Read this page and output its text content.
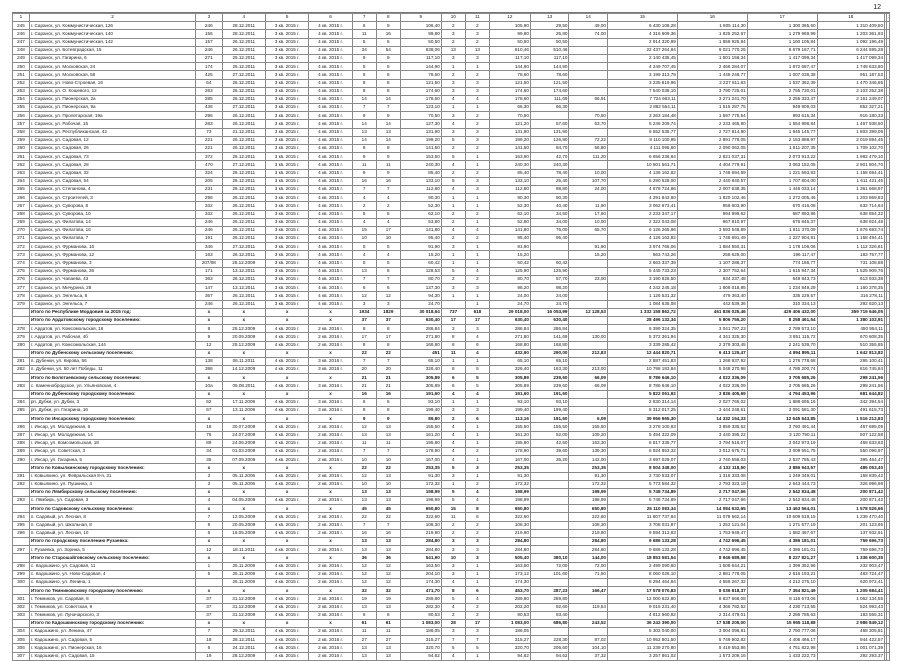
12
1	2	3	4	5	6	7	8	9	10	11	12	13	14	15	16	17	18		
245	г. Саранск, ул. Коммунистическая, 126	246	28.12.2011	3 кв. 2015 г.	4 кв. 2015 г.	6	9	106,40	2	2	105,90	29,50	49,00	6 430 108,28	1 805 114,30	1 300 365,60	1 310 409,50		
246	г. Саранск, ул. Коммунистическая, 140	156	28.12.2011	3 кв. 2015 г.	4 кв. 2015 г.	11	16	99,80	3	3	99,80	25,80	74,00	4 316 609,36	1 825 252,67	1 279 969,99	1 203 361,93		
247	г. Саранск, ул. Коммунистическая, 142	157	26.12.2011	3 кв. 2015 г.	4 кв. 2015 г.	5	6	50,50	2	2	50,50	50,50		2 914 320,99	1 858 925,84	1 160 105,84	1 092 196,49		
248	г. Саранск, ул. Ботевградская, 15	246	26.12.2011	3 кв. 2015 г.	4 кв. 2015 г.	34	54	638,06	13	13	510,46	510,46		22 437 264,84	9 021 770,25	6 679 167,71	6 244 595,28		
249	г. Саранск, ул. Гагарина, 6	271	25.12.2011	3 кв. 2015 г.	4 кв. 2015 г.	9	9	117,10	3	3	117,10	117,10		2 140 435,45	1 501 156,34	1 417 099,34	1 417 099,34		
250	г. Саранск, ул. Московская, 24	174	25.12.2011	3 кв. 2015 г.	4 кв. 2015 г.	5	5	144,90	1	1	144,90	144,90		4 249 707,45	2 466 284,07	1 872 687,47	1 748 633,80		
251	г. Саранск, ул. Московская, 58	425	27.12.2011	3 кв. 2015 г.	4 кв. 2015 г.	6	6	78,60	2	2	78,60	78,60		3 199 313,79	1 448 248,77	1 007 038,38	951 187,53		
252	г. Саранск, ул. Ново-Строевая, 16	64	26.12.2011	3 кв. 2015 г.	4 кв. 2015 г.	8	8	121,50	3	3	121,50	121,50		3 235 819,96	2 227 811,83	1 537 362,39	1 470 346,65		
253	г. Саранск, ул. О. Кошевого, 12	263	26.12.2011	3 кв. 2015 г.	4 кв. 2015 г.	8	8	174,60	3	3	174,60	174,60		7 540 038,10	3 790 725,01	2 755 730,01	2 103 252,38		
254	г. Саранск, ул. Пионерская, 2а	285	26.12.2011	3 кв. 2015 г.	4 кв. 2015 г.	14	14	178,60	4	4	178,60	111,69	66,91	7 724 663,11	3 271 241,70	2 255 333,47	2 161 249,07		
255	г. Саранск, ул. Пионерская, 9а	436	27.12.2011	3 кв. 2015 г.	4 кв. 2015 г.	7	7	123,10	1	1	66,30	66,30		2 862 554,11	1 515 287,75	949 909,03	852 327,21		
256	г. Саранск, ул. Пролетарская, 19а	296	26.12.2011	3 кв. 2015 г.	4 кв. 2015 г.	9	9	70,50	3	2	70,50		70,50	3 263 184,48	1 597 775,54	993 615,34	916 180,33		
257	г. Саранск, ул. Рабочая, 15	263	26.12.2011	3 кв. 2015 г.	4 кв. 2015 г.	14	14	127,30	4	2	121,20	57,60	63,70	5 246 209,74	2 233 465,80	1 554 998,84	1 467 938,50		
258	г. Саранск, ул. Республиканская, 42	73	21.12.2011	3 кв. 2015 г.	4 кв. 2015 г.	13	13	131,90	3	3	131,90	131,90		6 552 535,77	2 727 814,90	1 945 145,77	1 803 399,09		
259	г. Саранск, ул. Садовая, 12	221	26.12.2011	3 кв. 2015 г.	4 кв. 2015 г.	14	14	199,20	5	3	199,20	126,80	72,22	8 110 100,95	2 891 778,05	2 153 888,97	2 019 894,45		
260	г. Саранск, ул. Садовая, 26	221	26.12.2011	3 кв. 2015 г.	4 кв. 2015 г.	8	8	141,50	2	2	141,50	84,70	56,80	4 111 095,60	2 090 062,05	1 811 207,35	1 709 102,70		
261	г. Саранск, ул. Садовая, 73	372	26.12.2011	3 кв. 2015 г.	4 кв. 2015 г.	9	9	153,50	5	1	153,90	42,70	111,20	6 656 236,64	2 821 037,31	2 073 913,22	1 982 479,10		
262	г. Саранск, ул. Садовая, 28	470	27.12.2011	3 кв. 2015 г.	4 кв. 2015 г.	11	11	240,30	4	1	240,30	240,30		10 501 561,71	4 404 779,91	3 063 152,05	2 901 804,70		
263	г. Саранск, ул. Садовая, 32	324	26.12.2011	3 кв. 2015 г.	4 кв. 2015 г.	9	9	85,40	2	2	85,40	78,40	10,00	4 136 162,82	1 748 694,59	1 221 593,83	1 158 694,41		
264	г. Саранск, ул. Садовая, 54	205	26.12.2011	3 кв. 2015 г.	4 кв. 2015 г.	16	16	133,10	5	3	133,10	25,40	107,70	5 290 528,00	2 440 840,57	1 707 804,00	1 611 421,45		
265	г. Саранск, ул. Степанова, 4	231	26.12.2011	3 кв. 2015 г.	4 кв. 2015 г.	7	7	112,80	4	3	112,80	88,80	24,00	4 878 724,86	2 007 638,35	1 446 033,14	1 361 668,97		
266	г. Саранск, ул. Строителей, 3	296	26.12.2011	3 кв. 2015 г.	4 кв. 2015 г.	4	4	90,30	1	1	90,30	90,30		4 291 843,60	1 820 102,46	1 272 005,46	1 203 869,83		
267	г. Саранск, ул. Суворова, 8	332	26.12.2011	3 кв. 2015 г.	4 кв. 2015 г.	2	2	52,30	1	1	52,30	40,40	11,90	3 062 673,41	958 603,90	670 416,08	632 714,64		
268	г. Саранск, ул. Суворова, 10	332	26.12.2011	3 кв. 2015 г.	4 кв. 2015 г.	5	5	62,10	2	2	62,10	34,50	17,60	2 233 347,17	994 999,62	687 893,86	638 854,32		
269	г. Саранск, ул. Филатова, 14	246	26.12.2011	3 кв. 2015 г.	4 кв. 2015 г.	4	4	53,80	2	1	52,80	34,00	10,00	2 322 043,08	967 810,97	676 846,37	638 924,48		
270	г. Саранск, ул. Филатова, 16	246	26.12.2011	3 кв. 2015 г.	4 кв. 2015 г.	15	17	141,80	4	4	141,80	76,00	65,70	6 126 265,96	3 593 546,89	1 811 370,09	1 676 693,74		
271	г. Саранск, ул. Филатова, 7	191	26.12.2011	3 кв. 2015 г.	4 кв. 2015 г.	10	10	95,40	2	2	95,40	95,40		4 126 163,82	1 748 691,49	1 227 904,81	1 158 494,41		
272	г. Саранск, ул. Фурманова, 16	346	27.12.2011	3 кв. 2015 г.	4 кв. 2015 г.	5	5	91,90	3	1	91,90		91,90	3 974 766,06	1 684 550,31	1 178 106,06	1 112 326,81		
273	г. Саранск, ул. Фурманова, 12	163	26.12.2011	3 кв. 2015 г.	4 кв. 2015 г.	4	4	15,20	1	1	15,20		15,20	663 743,26	258 625,00	196 117,47	183 757,77		
274	г. Саранск, ул. Фурманова, 3	207/08	28.12.2009	3 кв. 2015 г.	4 кв. 2015 г.	5	5	60,42	1	1	60,42	60,42		2 663 337,39	1 107 286,37	774 186,77	731 108,88		
275	г. Саранск, ул. Фурманова, 26	171	13.12.2011	3 кв. 2015 г.	4 кв. 2015 г.	13	8	128,53	5	4	125,90	125,90		5 445 733,23	2 307 752,64	1 615 947,34	1 525 909,76		
276	г. Саранск, ул. Чапаева, 43	363	26.12.2011	3 кв. 2015 г.	4 кв. 2015 г.	7	7	80,70	2	2	80,70	57,70	23,00	3 190 826,50	934 237,48	649 843,73	613 933,38		
277	г. Саранск, ул. Мичурина, 28	147	13.12.2011	3 кв. 2015 г.	4 кв. 2015 г.	6	6	137,30	3	3	98,20	98,20		4 242 245,18	1 808 018,95	1 234 849,29	1 160 378,35		
278	г. Саранск, ул. Энгельса, 8	367	26.12.2011	3 кв. 2015 г.	4 кв. 2015 г.	12	12	94,30	1	1	24,00	24,00		1 126 531,32	479 363,40	335 229,57	316 278,11		
279	г. Саранск, ул. Энгельса, 7	246	26.12.2011	3 кв. 2015 г.	4 кв. 2015 г.	3	3	24,70		1	24,70	24,70		1 084 635,08	442 539,36	310 334,13	292 820,13		
	Итого по Республике Мордовия за 2015 год:	х	х	х	х	1934	1829	30 018,64	737	618	29 018,00	16 053,99	12 128,53	1 332 158 862,72	461 836 025,46	429 406 432,00	359 719 646,05		
	Итого по Ардатовскому городскому поселению:	х	х	х	х	37	37	630,40	17	17	630,40	630,40		28 496 132,34	5 806 755,20	8 258 461,54	1 380 102,91		
278	г. Ардатов, ул. Комсомольская, 16	8	25.12.2009	4 кв. 2015 г.	2 кв. 2016 г.	8	8	286,84	3	3	286,84	286,84		6 399 324,35	3 041 797,23	2 789 573,10	450 954,11		
279	г. Ардатов, ул. Рабочая, 4б	9	20.09.2009	4 кв. 2015 г.	2 кв. 2016 г.	17	17	271,80	8	4	271,80	141,69	130,00	5 372 361,94	4 341 325,30	3 851 115,72	670 608,35		
280	г. Ардатов, ул. Комсомольская, 144	12	25.12.2009	4 кв. 2015 г.	2 кв. 2016 г.	8	8	168,80	6	6	168,80	168,80		3 339 285,42	2 379 303,45	2 241 539,70	510 355,85		
	Итого по Дубенскому сельскому поселению:	х	х	х	х	22	22	451	11	4	432,90	290,00	212,83	12 444 820,71	6 413 125,47	4 894 895,11	1 642 813,82		
281	п. Дубенки, ул. Кирова, 56	138	06.11.2011	4 кв. 2015 г.	3 кв. 2016 г.	7	7	65,10	1	1	65,10	65,10		2 887 451,83	1 268 937,92	1 276 778,68	295 100,41		
282	п. Дубенки, ул. 50 лет Победы, 11	386	14.12.2009	4 кв. 2015 г.	3 кв. 2016 г.	20	20	326,40	8	5	326,40	163,30	213,00	10 798 183,84	5 048 270,98	4 785 200,74	816 745,84		
	Итого по Болотаевскому сельскому поселению:	х	х	х	х	21	21	305,89	6	5	305,89	239,60	66,09	8 786 646,10	4 022 336,09	3 705 685,26	298 241,56		
283	с. Каменнобродское, ул. Ульяновская, 4	10a	05.08.2011	4 кв. 2015 г.	3 кв. 2016 г.	21	21	305,89	6	5	305,89	239,60	66,09	8 786 646,10	4 022 336,09	3 705 685,26	298 241,56		
	Итого по Дубенскому городскому поселению:	х	х	х	х	16	16	191,60	4	4	191,60	191,60		5 822 061,92	3 836 405,69	4 794 453,96	681 644,82		
284	рп. Дубки, ул. Дубки, 3	62	17.11.2009	4 кв. 2015 г.	3 кв. 2016 г.	6	6	93,10	1	1	93,10	93,10		2 830 314,14	2 027 765,02	1 888 695,16	342 394,54		
285	рп. Дубки, ул. Гагарина, 16	67	13.11.2009	4 кв. 2015 г.	3 кв. 2016 г.	8	8	199,40	3	3	199,40	199,40		5 312 017,25	3 444 248,61	3 091 581,30	491 615,73		
	Итого по Инсарскому городскому поселению:	х	х	х	х	9	9	89,80	2	6	113,16	191,60	6,09	39 956 965,30	14 332 154,33	12 645 643,85	1 516 212,83		
286	г. Инсар, ул. Молодежная, 6	18	30.07.2009	4 кв. 2015 г.	2 кв. 2016 г.	12	13	155,50	4	1	155,50	155,50	155,50	3 278 100,83	3 859 335,62	3 760 491,44	467 695,09		
287	г. Инсар, ул. Молодежная, 14	76	24.07.2009	4 кв. 2015 г.	2 кв. 2016 г.	13	13	161,20	4	1	161,20	52,00	109,20	5 454 322,09	3 440 395,22	3 120 790,11	507 122,58		
288	г. Инсар, ул. Комсомольская, 18	89	24.06.2009	4 кв. 2015 г.	2 кв. 2016 г.	11	11	195,80	4	1	195,80	42,50	153,30	6 817 335,77	3 794 516,07	3 042 973,19	468 633,63		
289	г. Инсар, ул. Советская, 3	34	01.03.2009	4 кв. 2015 г.	2 кв. 2016 г.	7	7	178,90	4	2	178,90	39,60	139,30	6 924 853,32	3 012 675,71	3 009 551,75	550 096,97		
290	г. Инсар, ул. Гагарина, 5	35	07.09.2009	4 кв. 2015 г.	2 кв. 2016 г.	10	10	167,00	4	1	167,00	35,20	142,00	3 697 029,07	2 740 558,03	2 537 785,43	395 464,47		
	Итого по Ковылкинскому городскому поселению:	х	х	х	х	22	22	253,35	5	3	253,35		253,35	8 504 348,00	4 132 118,50	3 886 943,57	486 053,40		
291	г. Ковылкино, ул. Февральская 8-я, 31	3	05.11.2006	4 кв. 2015 г.	2 кв. 2016 г.	12	13	91,30	3	1	91,30		91,30	2 730 533,07	1 318 333,08	1 249 349,01	158 839,42		
292	г. Ковылкино, ул. Пушкина, 4	3	05.11.2006	4 кв. 2015 г.	2 кв. 2016 г.	10	10	172,32	1	2	172,32		172,32	5 773 584,32	2 793 323,19	2 643 444,73	326 996,98		
	Итого по Лямбирскому сельскому поселению:	х	х	х	х	13	13	198,99	5	4	198,99		198,99	5 748 734,89	2 717 047,66	2 542 834,48	200 871,42		
293	с. Лямбирь, ул. Садовая, 3	4	04.05.2009	4 кв. 2015 г.	2 кв. 2016 г.	13	13	198,99	5	4	198,99		198,99	5 748 734,89	2 717 047,66	2 542 834,48	200 871,42		
	Итого по Садовскому сельскому поселению:	х	х	х	х	45	45	650,80	15	8	650,80		650,80	25 110 083,34	14 084 632,65	13 463 564,01	1 578 526,66		
294	п. Садовый, ул. Лесная, 8	7	12.05.2009	4 кв. 2015 г.	2 кв. 2016 г.	22	22	322,60	11	6	322,60		322,60	11 807 737,64	11 078 562,14	10 609 519,15	1 239 470,40		
295	п. Садовый, ул. Школьная, 8	8	20.05.2009	4 кв. 2015 г.	2 кв. 2016 г.	7	7	108,30	2	2	108,30		108,30	3 708 031,87	1 252 121,04	1 271 577,19	201 123,65		
296	п. Садовый, ул. Лесная, 10	6	16.05.2009	4 кв. 2015 г.	2 кв. 2016 г.	16	16	219,90	2	2	219,90		219,90	9 594 313,83	1 753 949,47	1 582 467,67	137 932,61		
	Итого по городскому поселению Рузаевка:	х	х	х	х	13	13	284,80	3	3	284,80		284,80	9 686 133,28	4 742 696,45	4 386 181,01	759 696,73		
297	г. Рузаевка, ул. Зорина, 5	12	18.11.2011	4 кв. 2015 г.	2 кв. 2016 г.	13	13	284,80	3	3	284,80		284,80	9 686 133,28	4 742 696,45	4 386 181,01	759 696,73		
	Итого по Старошайговскому сельскому поселению:	х	х	х	х	36	36	541,90	10	3	505,40	380,10	144,00	18 853 581,54	8 946 689,58	8 227 821,27	1 336 600,35		
298	с. Кадошкино, ул. Садовая, 11	1	25.11.2009	4 кв. 2015 г.	2 кв. 2016 г.	12	12	163,50	3	1	163,50	72,00	72,00	2 499 090,60	1 508 644,21	1 399 352,96	232 903,47		
299	с. Кадошкино, ул. Ново-Садовая, 4	5	25.11.2009	4 кв. 2015 г.	2 кв. 2016 г.	12	12	204,10	3	1	173,12	101,60	71,50	8 060 026,10	2 881 778,05	2 616 193,21	483 724,47		
300	с. Кадошкино, ул. Ленина, 1		26.11.2009	4 кв. 2015 г.	2 кв. 2016 г.	12	12	174,30	4	1	174,30			8 294 464,84	4 556 267,32	4 212 275,10	620 972,41		
	Итого по Темниковскому городскому поселению:	х	х	х	х	32	32	471,70	8	6	453,70	287,23	166,47	17 578 070,83	8 036 818,37	7 354 821,49	1 205 684,41		
301	г. Темников, ул. Садовая, 8	37	31.12.2009	4 кв. 2015 г.	2 кв. 2016 г.	19	19	289,80	5	4	289,80	289,80		12 000 622,80	8 837 666,08	8 116 673,06	1 062 134,55		
302	г. Темников, ул. Советская, 9	37	31.12.2009	4 кв. 2015 г.	2 кв. 2016 г.	13	13	282,30	4	2	202,20	92,60	119,54	9 015 231,40	4 366 782,52	4 230 713,55	524 993,43		
303	г. Темников, ул. Луначарского, 3	37	31.12.2009	4 кв. 2015 г.	2 кв. 2016 г.	6	6	90,53	2	2	90,53	93,40		4 812 960,92	2 314 479,01	2 286 785,63	183 555,31		
	Итого по Кадошкинскому городскому поселению:	х	х	х	х	61	61	1 083,00	28	17	1 083,00	686,80	243,52	36 242 390,00	17 538 205,00	15 955 118,88	2 986 849,12		
304	г. Кадошкино, ул. Ленина, 47	7	29.12.2011	4 кв. 2015 г.	2 кв. 2016 г.	11	11	186,05	3	3	186,05			5 302 040,00	3 004 096,81	2 750 777,06	468 305,81		
305	г. Кадошкино, ул. Садовая, 5	18	28.12.2011	4 кв. 2015 г.	2 кв. 2016 г.	27	27	315,27	7	7	315,27	228,30	87,02	10 952 801,50	5 749 902,82	4 406 466,17	944 422,57		
306	г. Кадошкино, ул. Пионерская, 16	6	24.12.2011	4 кв. 2015 г.	2 кв. 2016 г.	13	13	320,70	5	5	320,70	206,60	104,10	11 239 270,80	5 419 553,86	4 751 822,98	1 001 071,39		
307	г. Кадошкино, ул. Садовая, 15	19	28.12.2009	4 кв. 2015 г.	2 кв. 2016 г.	13	13	94,62	4	1	94,62	94,62	37,32	3 257 861,02	1 573 209,16	1 433 222,73	292 293,37		
